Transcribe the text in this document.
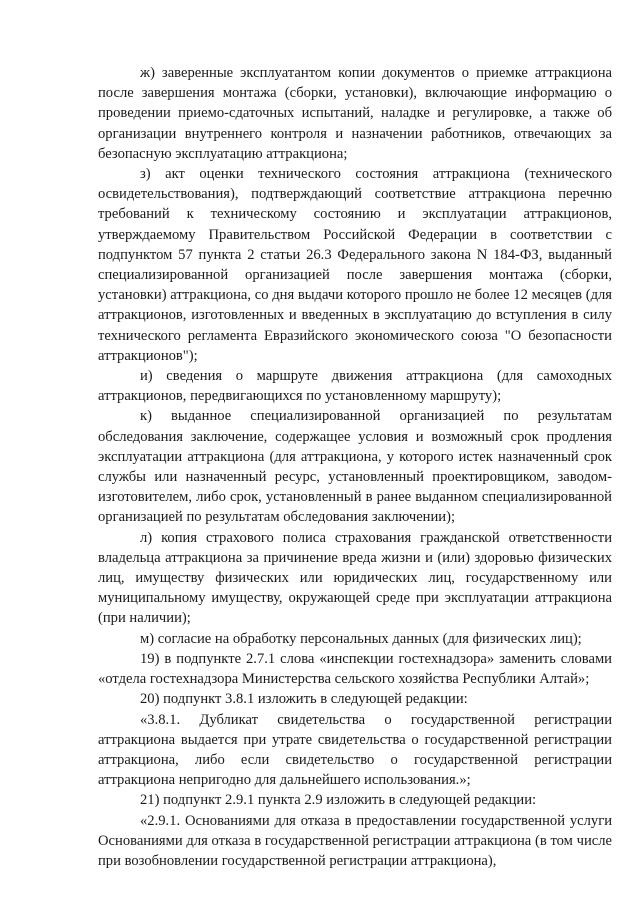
ж) заверенные эксплуатантом копии документов о приемке аттракциона после завершения монтажа (сборки, установки), включающие информацию о проведении приемо-сдаточных испытаний, наладке и регулировке, а также об организации внутреннего контроля и назначении работников, отвечающих за безопасную эксплуатацию аттракциона;

з) акт оценки технического состояния аттракциона (технического освидетельствования), подтверждающий соответствие аттракциона перечню требований к техническому состоянию и эксплуатации аттракционов, утверждаемому Правительством Российской Федерации в соответствии с подпунктом 57 пункта 2 статьи 26.3 Федерального закона N 184-ФЗ, выданный специализированной организацией после завершения монтажа (сборки, установки) аттракциона, со дня выдачи которого прошло не более 12 месяцев (для аттракционов, изготовленных и введенных в эксплуатацию до вступления в силу технического регламента Евразийского экономического союза "О безопасности аттракционов");

и) сведения о маршруте движения аттракциона (для самоходных аттракционов, передвигающихся по установленному маршруту);

к) выданное специализированной организацией по результатам обследования заключение, содержащее условия и возможный срок продления эксплуатации аттракциона (для аттракциона, у которого истек назначенный срок службы или назначенный ресурс, установленный проектировщиком, заводом-изготовителем, либо срок, установленный в ранее выданном специализированной организацией по результатам обследования заключении);

л) копия страхового полиса страхования гражданской ответственности владельца аттракциона за причинение вреда жизни и (или) здоровью физических лиц, имуществу физических или юридических лиц, государственному или муниципальному имуществу, окружающей среде при эксплуатации аттракциона (при наличии);

м) согласие на обработку персональных данных (для физических лиц);

19) в подпункте 2.7.1 слова «инспекции гостехнадзора» заменить словами «отдела гостехнадзора Министерства сельского хозяйства Республики Алтай»;

20) подпункт 3.8.1 изложить в следующей редакции:

«3.8.1. Дубликат свидетельства о государственной регистрации аттракциона выдается при утрате свидетельства о государственной регистрации аттракциона, либо если свидетельство о государственной регистрации аттракциона непригодно для дальнейшего использования.»;

21) подпункт 2.9.1 пункта 2.9 изложить в следующей редакции:

«2.9.1. Основаниями для отказа в предоставлении государственной услуги Основаниями для отказа в государственной регистрации аттракциона (в том числе при возобновлении государственной регистрации аттракциона),
